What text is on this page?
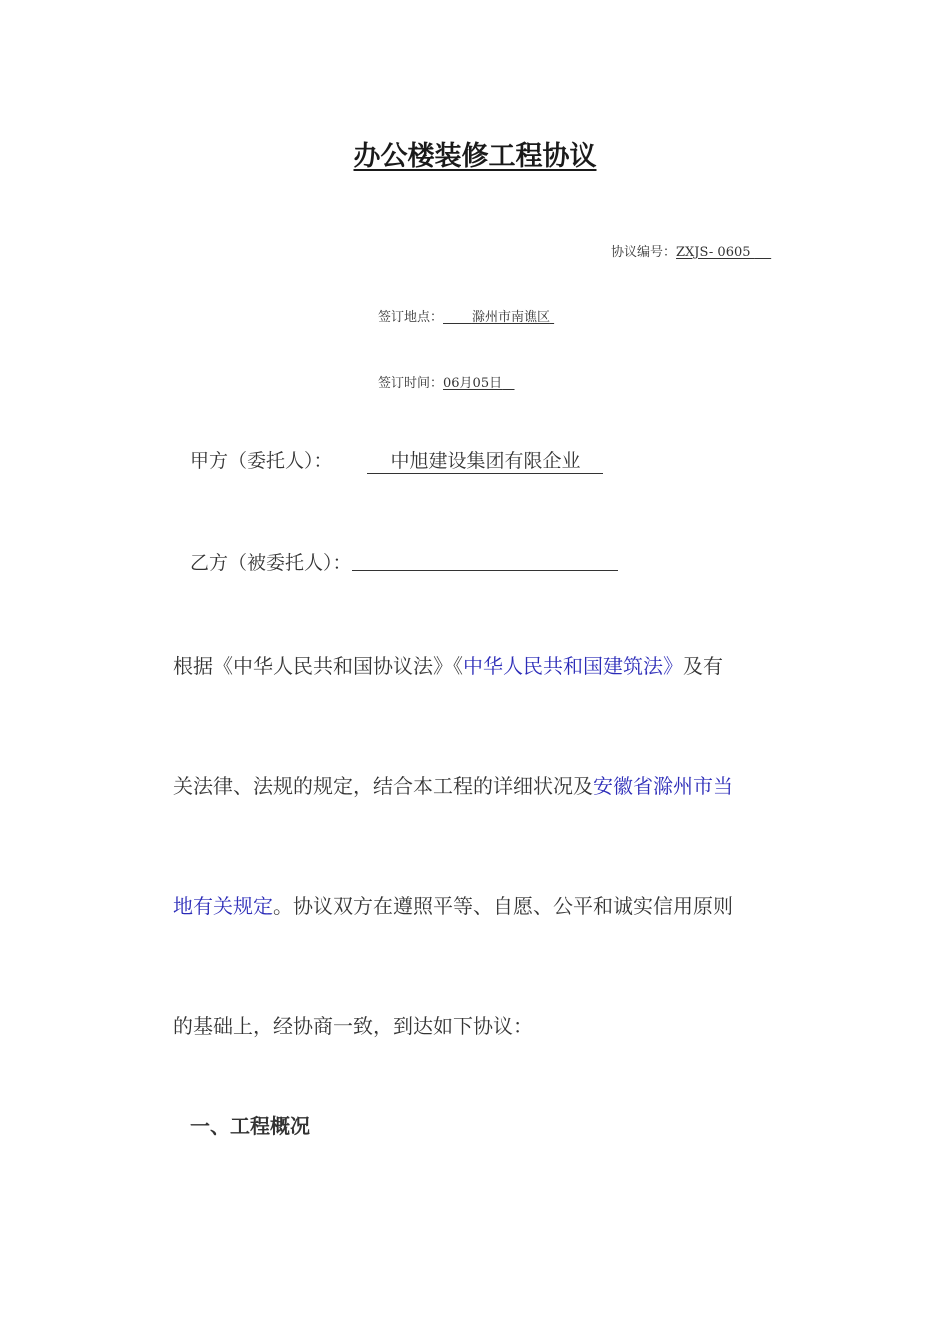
办公楼装修工程协议
协议编号：ZXJS- 0605
签订地点： 滁州市南谯区
签订时间：06月05日
甲方（委托人）：	中旭建设集团有限企业
乙方（被委托人）：
根据《中华人民共和国协议法》《中华人民共和国建筑法》及有
关法律、法规的规定，结合本工程的详细状况及安徽省滁州市当
地有关规定。协议双方在遵照平等、自愿、公平和诚实信用原则
的基础上，经协商一致，到达如下协议：
一、工程概况
